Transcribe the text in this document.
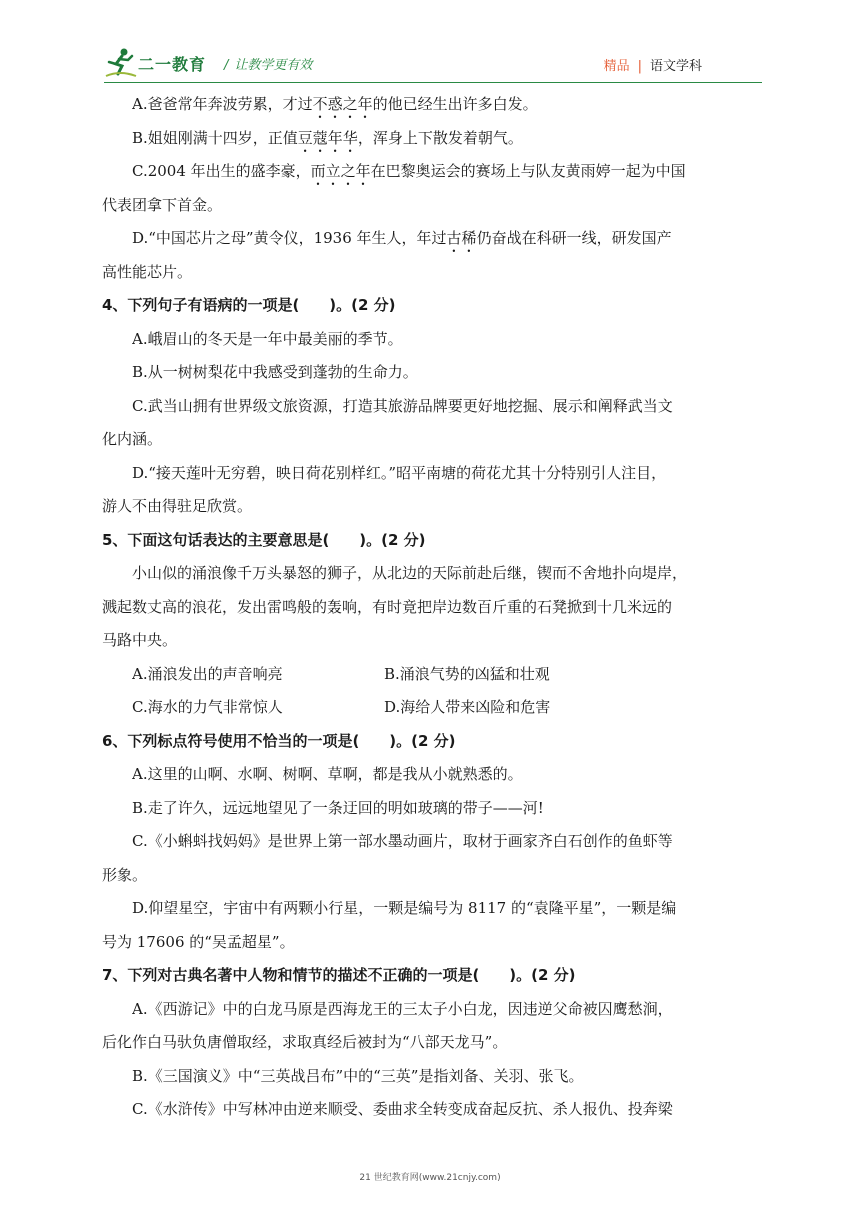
二一教育 / 让教学更有效	精品 | 语文学科
A.爸爸常年奔波劳累，才过不惑之年的他已经生出许多白发。
B.姐姐刚满十四岁，正值豆蔻年华，浑身上下散发着朝气。
C.2004 年出生的盛李豪，而立之年在巴黎奥运会的赛场上与队友黄雨婷一起为中国
代表团拿下首金。
D.“中国芯片之母”黄令仪，1936 年生人，年过古稀仍奋战在科研一线，研发国产
高性能芯片。
4、下列句子有语病的一项是(　　)。(2 分)
A.峨眉山的冬天是一年中最美丽的季节。
B.从一树树梨花中我感受到蓬勃的生命力。
C.武当山拥有世界级文旅资源，打造其旅游品牌要更好地挖掘、展示和阐释武当文
化内涵。
D.“接天莲叶无穷碧，映日荷花别样红。”昭平南塘的荷花尤其十分特别引人注目，
游人不由得驻足欣赏。
5、下面这句话表达的主要意思是(　　)。(2 分)
小山似的涌浪像千万头暴怒的狮子，从北边的天际前赴后继，锲而不舍地扑向堤岸，
溅起数丈高的浪花，发出雷鸣般的轰响，有时竟把岸边数百斤重的石凳掀到十几米远的
马路中央。
A.涌浪发出的声音响亮	B.涌浪气势的凶猛和壮观
C.海水的力气非常惊人	D.海给人带来凶险和危害
6、下列标点符号使用不恰当的一项是(　　)。(2 分)
A.这里的山啊、水啊、树啊、草啊，都是我从小就熟悉的。
B.走了许久，远远地望见了一条迂回的明如玻璃的带子——河!
C.《小蝌蚪找妈妈》是世界上第一部水墨动画片，取材于画家齐白石创作的鱼虾等
形象。
D.仰望星空，宇宙中有两颗小行星，一颗是编号为 8117 的“袁隆平星”，一颗是编
号为 17606 的“吴孟超星”。
7、下列对古典名著中人物和情节的描述不正确的一项是(　　)。(2 分)
A.《西游记》中的白龙马原是西海龙王的三太子小白龙，因违逆父命被囚鹰愁涧，
后化作白马驮负唐僧取经，求取真经后被封为“八部天龙马”。
B.《三国演义》中“三英战吕布”中的“三英”是指刘备、关羽、张飞。
C.《水浒传》中写林冲由逆来顺受、委曲求全转变成奋起反抗、杀人报仇、投奔梁
21 世纪教育网(www.21cnjy.com)
